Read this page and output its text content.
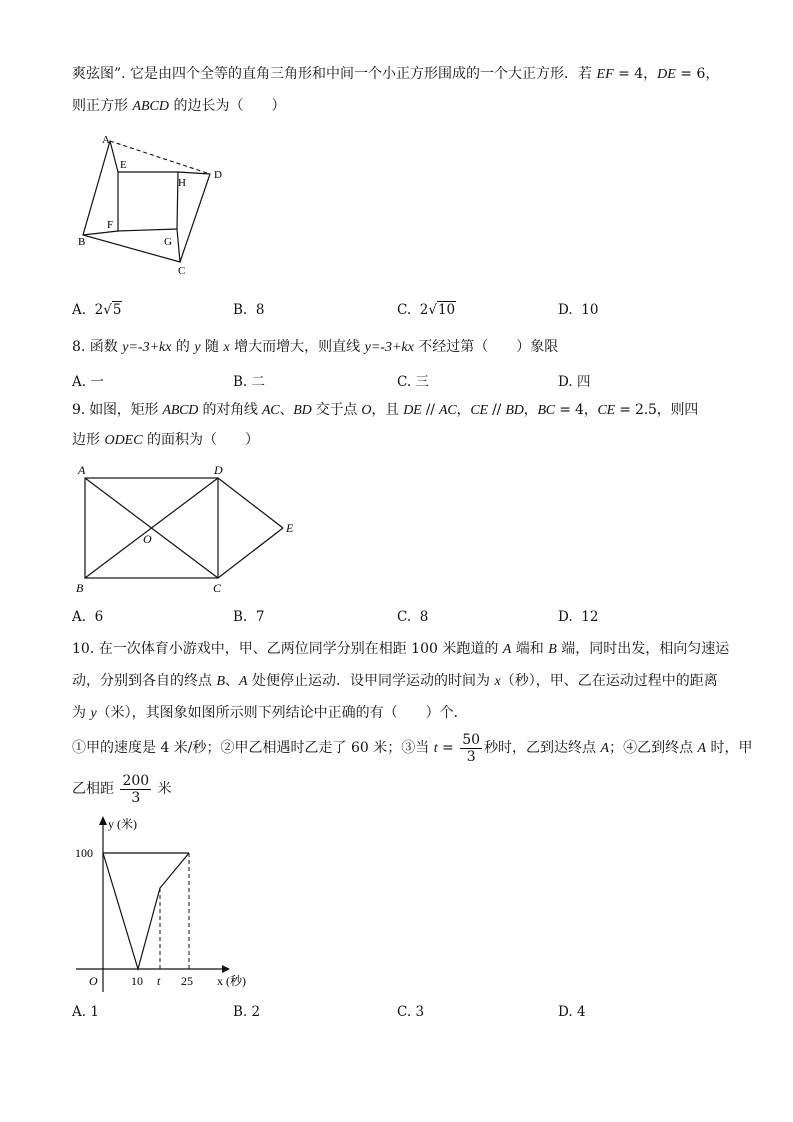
爽弦图”. 它是由四个全等的直角三角形和中间一个小正方形围成的一个大正方形．若 EF = 4，DE = 6，
则正方形 ABCD 的边长为（　　）
A
E
D
H
F
B	G
C
A. 2√5	B. 8	C. 2√10	D. 10
8. 函数 y=-3+kx 的 y 随 x 增大而增大，则直线 y=-3+kx 不经过第（　　）象限
A. 一	B. 二	C. 三	D. 四
9. 如图，矩形 ABCD 的对角线 AC、BD 交于点 O，且 DE // AC，CE // BD，BC = 4，CE = 2.5，则四
边形 ODEC 的面积为（　　）
A	D
E
O
B	C
A. 6	B. 7	C. 8	D. 12
10. 在一次体育小游戏中，甲、乙两位同学分别在相距 100 米跑道的 A 端和 B 端，同时出发，相向匀速运
动，分别到各自的终点 B、A 处便停止运动．设甲同学运动的时间为 x（秒），甲、乙在运动过程中的距离
为 y（米），其图象如图所示则下列结论中正确的有（　　）个．
①甲的速度是 4 米/秒；②甲乙相遇时乙走了 60 米；③当 $t = \frac{50}{3}$ 秒时，乙到达终点 A；④乙到终点 A 时，甲
乙相距 $\frac{200}{3}$ 米
y (米)
100
O	10 t 25 x (秒)
A. 1	B. 2	C. 3	D. 4
